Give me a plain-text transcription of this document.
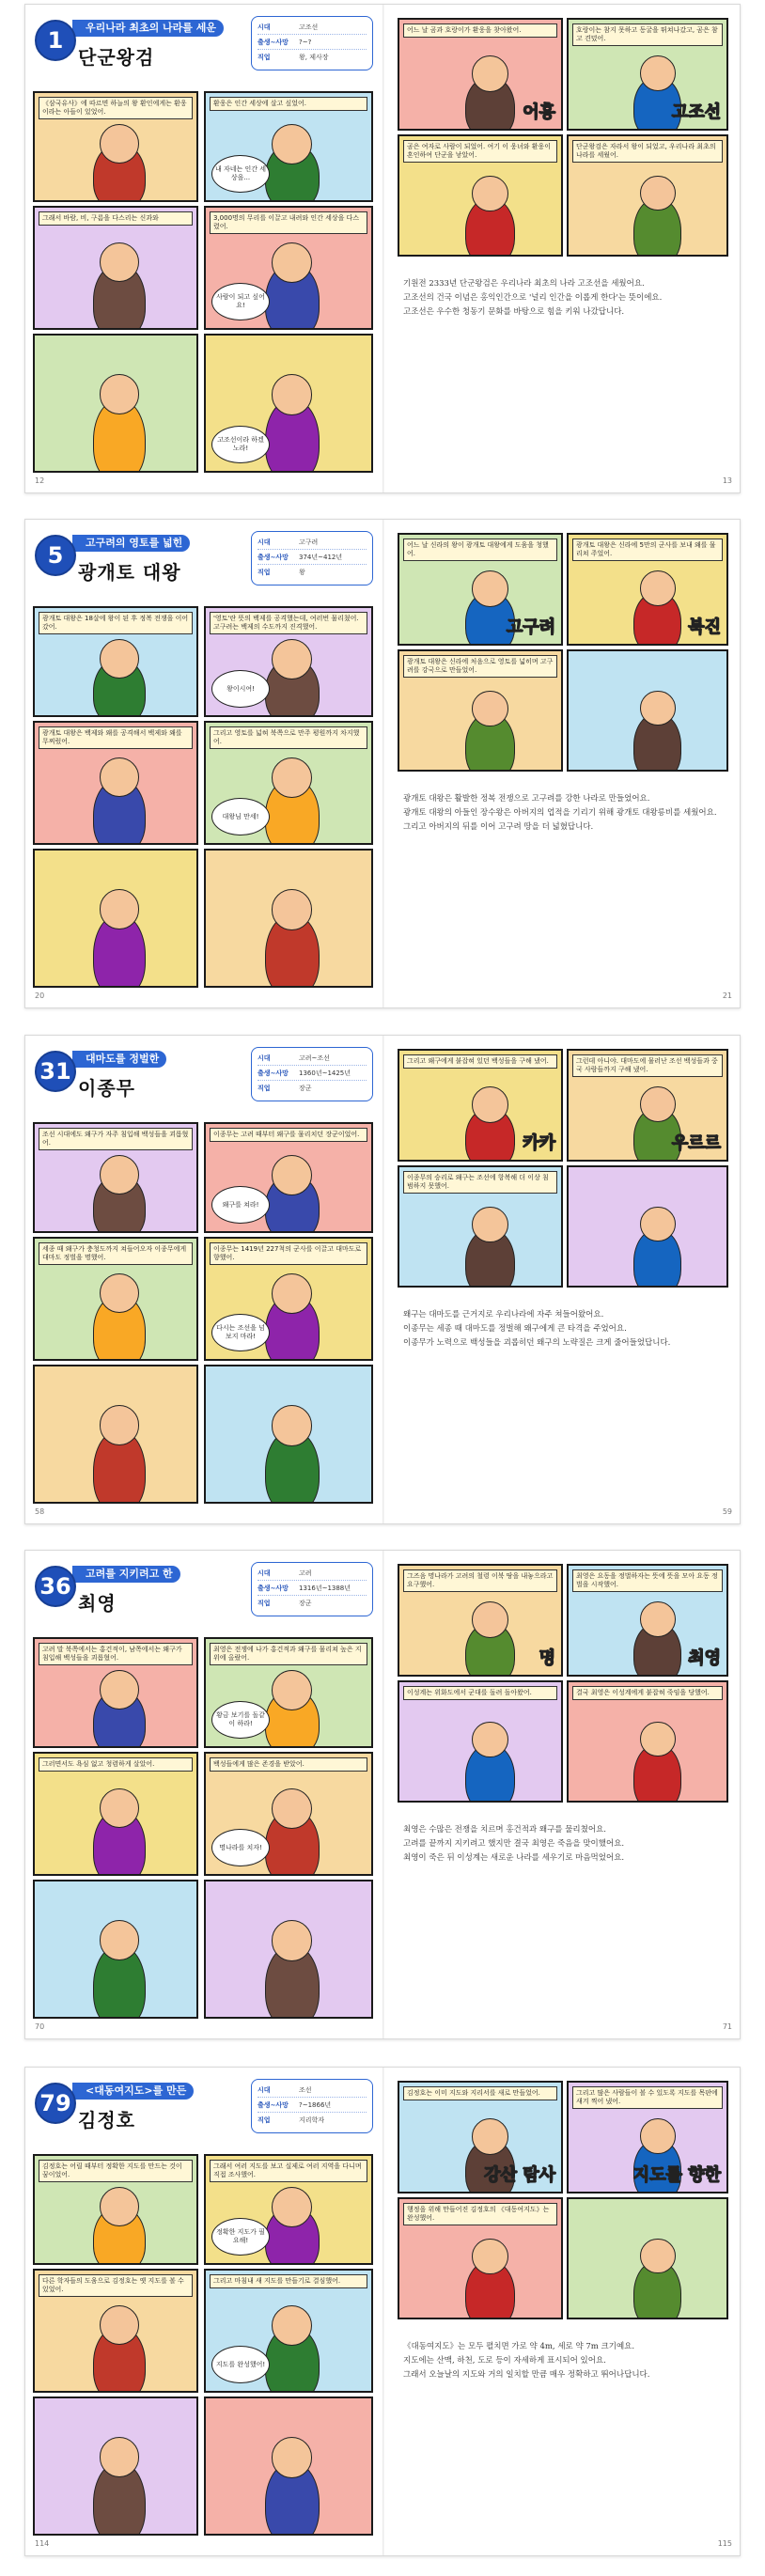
우리나라 최초의 나라를 세운
1
단군왕검
시대	고조선
출생~사망	?~?
직업	왕, 제사장
《삼국유사》에 따르면 하늘의 왕 환인에게는 환웅이라는 아들이 있었어.
환웅은 인간 세상에 살고 싶었어.
내 자네는 인간 세상을...
그래서 바람, 비, 구름을 다스리는 신과와	3,000명의 무리를 이끌고 내려와 인간 세상을 다스렸어.
사람이 되고 싶어요!
고조선이라 하겠노라!
12
어느 날 곰과 호랑이가 환웅을 찾아왔어.
어흥
호랑이는 참지 못하고 동굴을 뛰쳐나갔고, 곰은 참고 견뎠어.
고조선
곰은 여자로 사람이 되었어. 여기 이 웅녀와 환웅이 혼인하여 단군을 낳았어.
단군왕검은 자라서 왕이 되었고, 우리나라 최초의 나라를 세웠어.

기원전 2333년 단군왕검은 우리나라 최초의 나라 고조선을 세웠어요.

고조선의 건국 이념은 홍익인간으로 '널리 인간을 이롭게 한다'는 뜻이에요.

고조선은 우수한 청동기 문화를 바탕으로 힘을 키워 나갔답니다.

13
고구려의 영토를 넓힌
5
광개토 대왕
시대	고구려
출생~사망	374년~412년
직업	왕
광개토 대왕은 18살에 왕이 된 후 정복 전쟁을 이어갔어.
'영토'란 뜻의 백제를 공격했는데, 여러번 물리쳤어. 고구려는 백제의 수도까지 진격했어.
왕이시여!
광개토 대왕은 백제와 왜를 공격해서 백제와 왜를 무찌렀어.
그리고 영토를 넓혀 북쪽으로 만주 평원까지 차지했어.
대왕님 만세!
20
어느 날 신라의 왕이 광개토 대왕에게 도움을 청했어.
고구려
광개토 대왕은 신라에 5만의 군사를 보내 왜를 물리쳐 주었어.
북진
광개토 대왕은 신라에 처음으로 영토를 넓히며 고구려를 강국으로 만들었어.

광개토 대왕은 활발한 정복 전쟁으로 고구려를 강한 나라로 만들었어요.

광개토 대왕의 아들인 장수왕은 아버지의 업적을 기리기 위해 광개토 대왕릉비를 세웠어요.

그리고 아버지의 뒤를 이어 고구려 땅을 더 넓혔답니다.

21
대마도를 정벌한
31
이종무
시대	고려~조선
출생~사망	1360년~1425년
직업	장군
조선 시대에도 왜구가 자주 침입해 백성들을 괴롭혔어.
이종무는 고려 때부터 왜구를 물리치던 장군이었어.
왜구를 쳐라!
세종 때 왜구가 충청도까지 쳐들어오자 이종무에게 대마도 정벌을 명했어.
이종무는 1419년 227척의 군사를 이끌고 대마도로 향했어.
다시는 조선을 넘보지 마라!
58
그리고 왜구에게 붙잡혀 있던 백성들을 구해 냈어.
카카
그런데 아니야. 대마도에 물러난 조선 백성들과 중국 사람들까지 구해 냈어.
우르르
이종무의 승리로 왜구는 조선에 항복해 더 이상 침범하지 못했어.

왜구는 대마도를 근거지로 우리나라에 자주 쳐들어왔어요.

이종무는 세종 때 대마도를 정벌해 왜구에게 큰 타격을 주었어요.

이종무가 노력으로 백성들을 괴롭히던 왜구의 노략질은 크게 줄어들었답니다.

59
고려를 지키려고 한
36
최영
시대	고려
출생~사망	1316년~1388년
직업	장군
고려 말 북쪽에서는 홍건적이, 남쪽에서는 왜구가 침입해 백성들을 괴롭혔어.
최영은 전쟁에 나가 홍건적과 왜구를 물리쳐 높은 지위에 올랐어.
황금 보기를 돌같이 하라!
그러면서도 욕심 없고 청렴하게 살았어.	백성들에게 많은 존경을 받았어.
명나라를 치자!
70
그즈음 명나라가 고려의 철령 이북 땅을 내놓으라고 요구했어.
명
최영은 요동을 정벌하자는 뜻에 뜻을 모아 요동 정벌을 시작했어.
최영
이성계는 위화도에서 군대를 돌려 돌아왔어.	결국 최영은 이성계에게 붙잡혀 죽임을 당했어.

최영은 수많은 전쟁을 치르며 홍건적과 왜구를 물리쳤어요.

고려를 끝까지 지키려고 했지만 결국 최영은 죽음을 맞이했어요.

최영이 죽은 뒤 이성계는 새로운 나라를 세우기로 마음먹었어요.

71
<대동여지도>를 만든
79
김정호
시대	조선
출생~사망	?~1866년
직업	지리학자
김정호는 어릴 때부터 정확한 지도를 만드는 것이 꿈이었어.
그래서 여러 지도를 보고 실제로 여러 지역을 다니며 직접 조사했어.
정확한 지도가 필요해!
다른 학자들의 도움으로 김정호는 옛 지도를 볼 수 있었어.
그리고 마침내 새 지도를 만들기로 결심했어.
지도를 완성했어!
114
김정호는 이미 지도와 지리서를 새로 만들었어.
강산 탐사
그리고 많은 사람들이 볼 수 있도록 지도를 목판에 새겨 찍어 냈어.
지도를 향한
행정을 위해 만들어진 김정호의 《대동여지도》는 완성했어.

《대동여지도》는 모두 펼치면 가로 약 4m, 세로 약 7m 크기예요.

지도에는 산맥, 하천, 도로 등이 자세하게 표시되어 있어요.

그래서 오늘날의 지도와 거의 일치할 만큼 매우 정확하고 뛰어나답니다.

115
